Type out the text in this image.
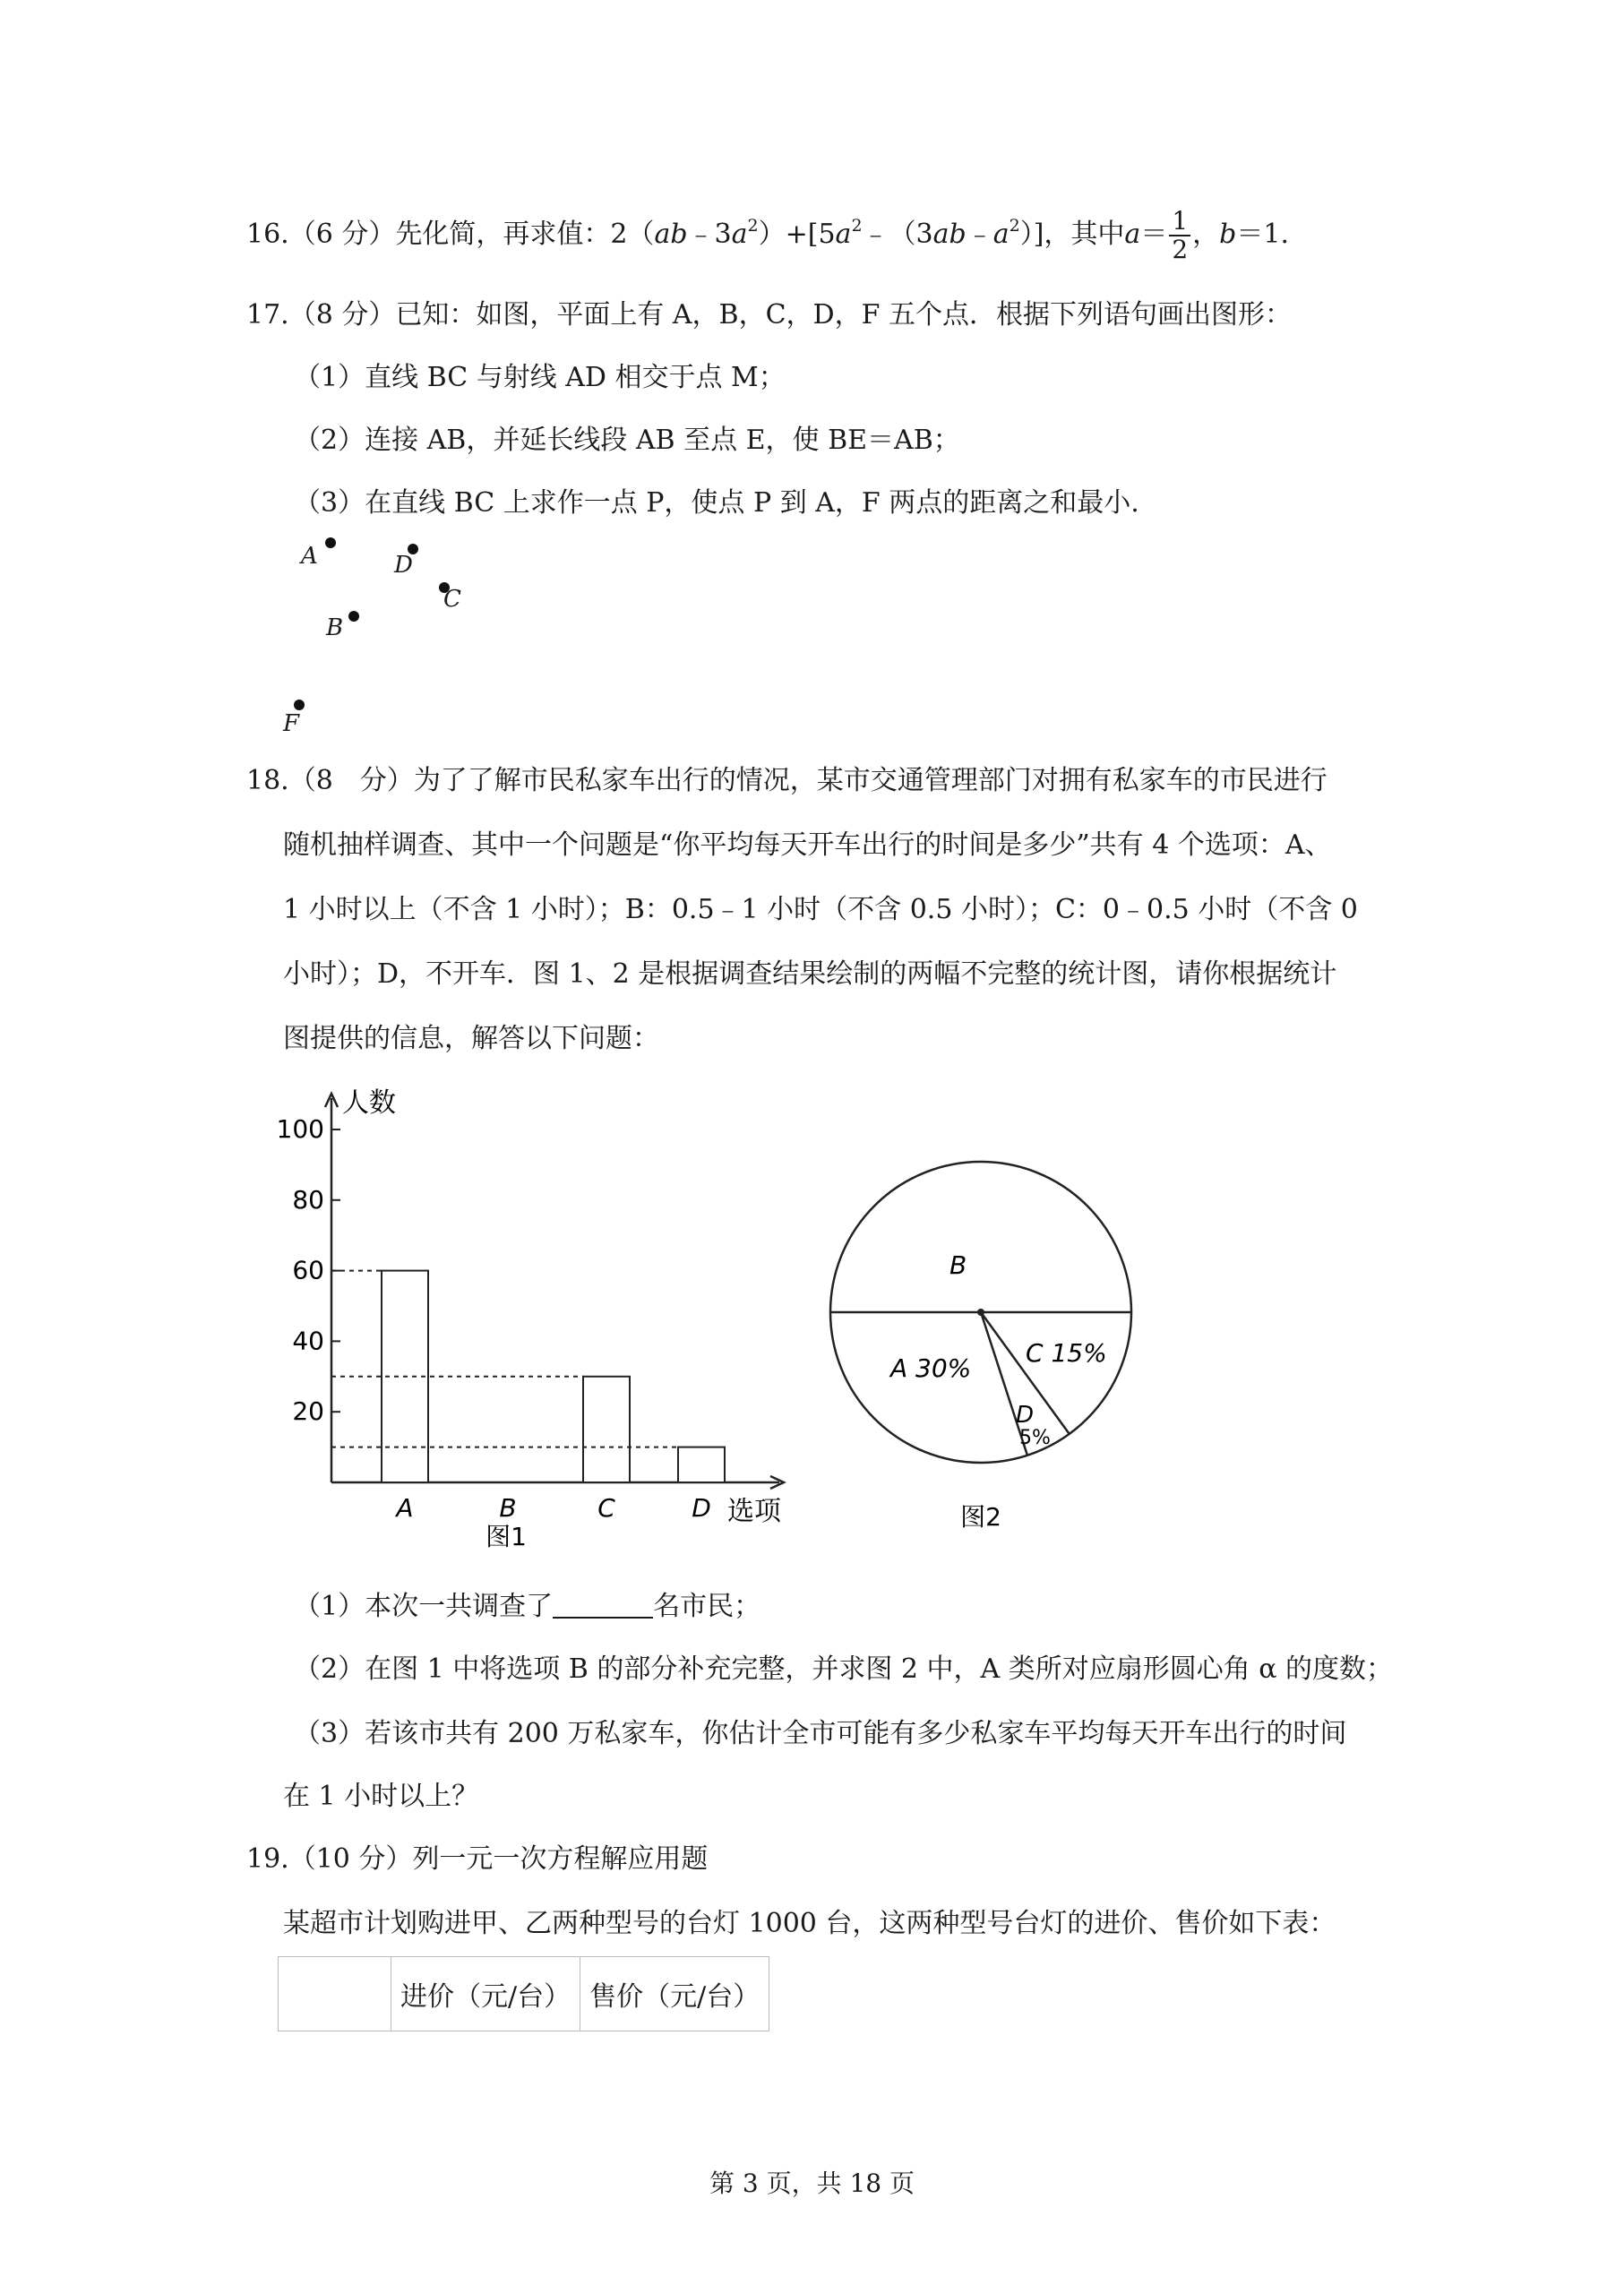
16.（6 分）先化简，再求值：$2(ab﹣3a^2)+[5a^2﹣(3ab﹣a^2)]$，其中$a= \frac{1}{2}$ ，b＝1.
17.（8 分）已知：如图，平面上有 A，B，C，D，F 五个点．根据下列语句画出图形：
（1）直线 BC 与射线 AD 相交于点 M；
（2）连接 AB，并延长线段 AB 至点 E，使 BE＝AB；
（3）在直线 BC 上求作一点 P，使点 P 到 A，F 两点的距离之和最小.
A	D
C
B
F
18.（8　分）为了了解市民私家车出行的情况，某市交通管理部门对拥有私家车的市民进行
随机抽样调查、其中一个问题是“你平均每天开车出行的时间是多少”共有 4 个选项：A、
1 小时以上（不含 1 小时）；B：0.5﹣1 小时（不含 0.5 小时）；C：0﹣0.5 小时（不含 0
小时）；D，不开车．图 1、2 是根据调查结果绘制的两幅不完整的统计图，请你根据统计
图提供的信息，解答以下问题：
人数
选项
20
40
60
80
100
A	B	C	D
图1
B
C 15%
D
5%
A 30%
图2
（1）本次一共调查了	名市民；
（2）在图 1 中将选项 B 的部分补充完整，并求图 2 中，A 类所对应扇形圆心角 α 的度数；
（3）若该市共有 200 万私家车，你估计全市可能有多少私家车平均每天开车出行的时间
在 1 小时以上？
19.（10 分）列一元一次方程解应用题
某超市计划购进甲、乙两种型号的台灯 1000 台，这两种型号台灯的进价、售价如下表：
	进价（元/台）	售价（元/台）
第 3 页，共 18 页
